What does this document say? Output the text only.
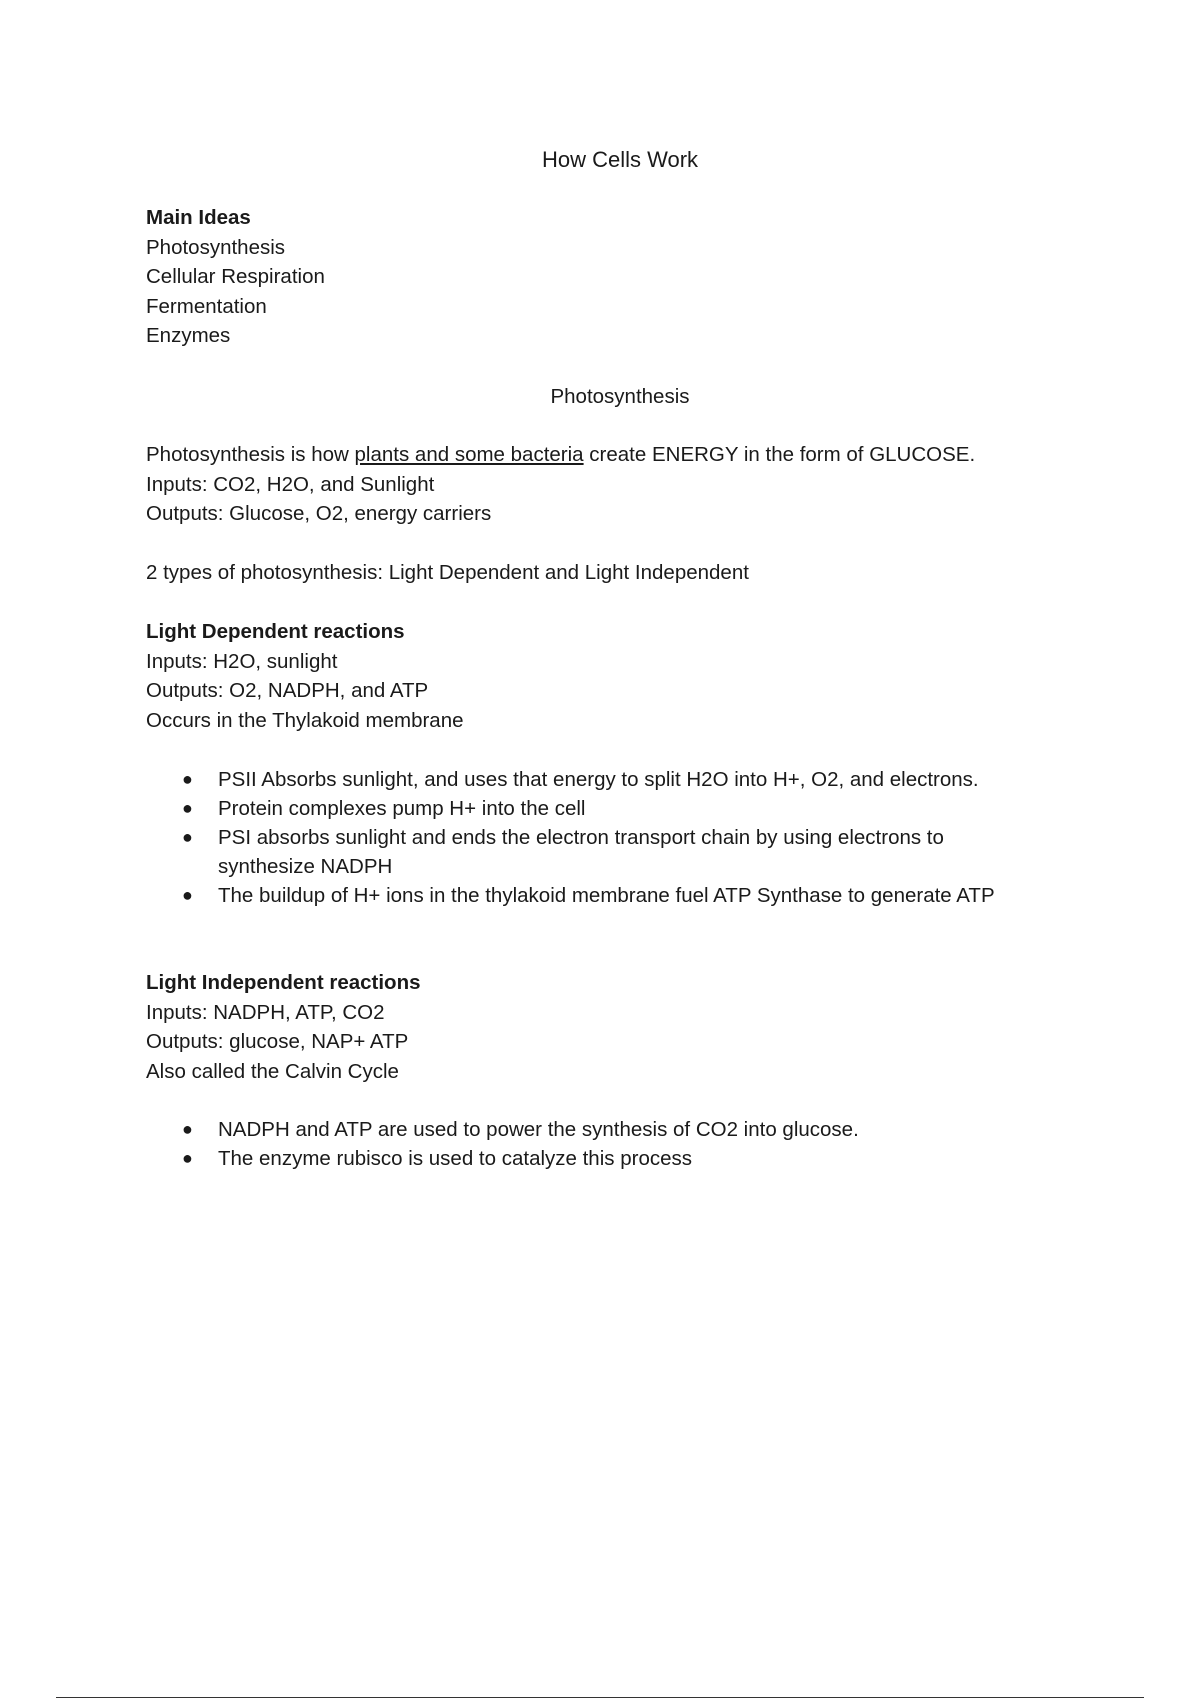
How Cells Work
Main Ideas
Photosynthesis
Cellular Respiration
Fermentation
Enzymes
Photosynthesis
Photosynthesis is how plants and some bacteria create ENERGY in the form of GLUCOSE.
Inputs: CO2, H2O, and Sunlight
Outputs: Glucose, O2, energy carriers
2 types of photosynthesis: Light Dependent and Light Independent
Light Dependent reactions
Inputs: H2O, sunlight
Outputs: O2, NADPH, and ATP
Occurs in the Thylakoid membrane
● PSII Absorbs sunlight, and uses that energy to split H2O into H+, O2, and electrons.
● Protein complexes pump H+ into the cell
● PSI absorbs sunlight and ends the electron transport chain by using electrons to
synthesize NADPH
● The buildup of H+ ions in the thylakoid membrane fuel ATP Synthase to generate ATP
Light Independent reactions
Inputs: NADPH, ATP, CO2
Outputs: glucose, NAP+ ATP
Also called the Calvin Cycle
● NADPH and ATP are used to power the synthesis of CO2 into glucose.
● The enzyme rubisco is used to catalyze this process
